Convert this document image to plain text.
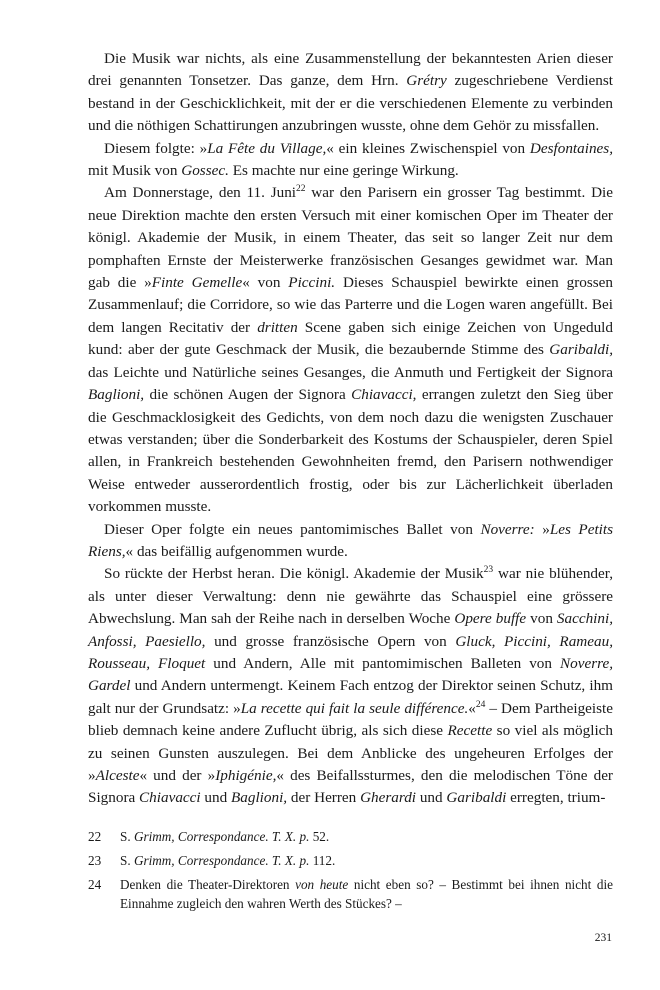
Die Musik war nichts, als eine Zusammenstellung der bekanntesten Arien dieser drei genannten Tonsetzer. Das ganze, dem Hrn. Grétry zugeschriebene Verdienst bestand in der Geschicklichkeit, mit der er die verschiedenen Elemente zu verbinden und die nöthigen Schattirungen anzubringen wusste, ohne dem Gehör zu missfallen.

Diesem folgte: »La Fête du Village,« ein kleines Zwischenspiel von Desfontaines, mit Musik von Gossec. Es machte nur eine geringe Wirkung.

Am Donnerstage, den 11. Juni$^{22}$ war den Parisern ein grosser Tag bestimmt. Die neue Direktion machte den ersten Versuch mit einer komischen Oper im Theater der königl. Akademie der Musik, in einem Theater, das seit so langer Zeit nur dem pomphaften Ernste der Meisterwerke französischen Gesanges gewidmet war. Man gab die »Finte Gemelle« von Piccini. Dieses Schauspiel bewirkte einen grossen Zusammenlauf; die Corridore, so wie das Parterre und die Logen waren angefüllt. Bei dem langen Recitativ der dritten Scene gaben sich einige Zeichen von Ungeduld kund: aber der gute Geschmack der Musik, die bezaubernde Stimme des Garibaldi, das Leichte und Natürliche seines Gesanges, die Anmuth und Fertigkeit der Signora Baglioni, die schönen Augen der Signora Chiavacci, errangen zuletzt den Sieg über die Geschmacklosigkeit des Gedichts, von dem noch dazu die wenigsten Zuschauer etwas verstanden; über die Sonderbarkeit des Kostums der Schauspieler, deren Spiel allen, in Frankreich bestehenden Gewohnheiten fremd, den Parisern nothwendiger Weise entweder ausserordentlich frostig, oder bis zur Lächerlichkeit überladen vorkommen musste.

Dieser Oper folgte ein neues pantomimisches Ballet von Noverre: »Les Petits Riens,« das beifällig aufgenommen wurde.

So rückte der Herbst heran. Die königl. Akademie der Musik$^{23}$ war nie blühender, als unter dieser Verwaltung: denn nie gewährte das Schauspiel eine grössere Abwechslung. Man sah der Reihe nach in derselben Woche Opere buffe von Sacchini, Anfossi, Paesiello, und grosse französische Opern von Gluck, Piccini, Rameau, Rousseau, Floquet und Andern, Alle mit pantomimischen Balleten von Noverre, Gardel und Andern untermengt. Keinem Fach entzog der Direktor seinen Schutz, ihm galt nur der Grundsatz: »La recette qui fait la seule différence.«$^{24}$ – Dem Partheigeiste blieb demnach keine andere Zuflucht übrig, als sich diese Recette so viel als möglich zu seinen Gunsten auszulegen. Bei dem Anblicke des ungeheuren Erfolges der »Alceste« und der »Iphigénie,« des Beifallssturmes, den die melodischen Töne der Signora Chiavacci und Baglioni, der Herren Gherardi und Garibaldi erregten, trium-

22	S. Grimm, Correspondance. T. X. p. 52.
23	S. Grimm, Correspondance. T. X. p. 112.
24	Denken die Theater-Direktoren von heute nicht eben so? – Bestimmt bei ihnen nicht die Einnahme zugleich den wahren Werth des Stückes? –
231
